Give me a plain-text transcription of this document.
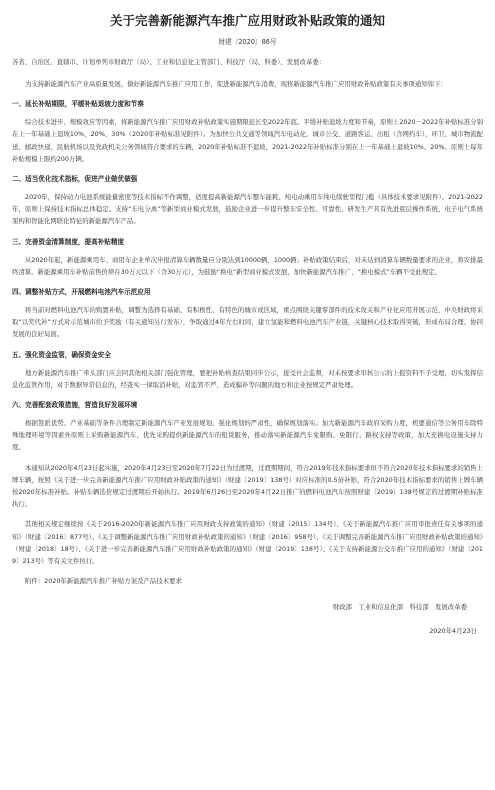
关于完善新能源汽车推广应用财政补贴政策的通知
财建〔2020〕86号
各省、自治区、直辖市、计划单列市财政厅（局）、工业和信息化主管部门、科技厅（局、科委）、发展改革委：
为支持新能源汽车产业高质量发展，做好新能源汽车推广应用工作，促进新能源汽车消费，现将新能源汽车推广应用财政补贴政策有关事项通知如下：
一、延长补贴期限，平缓补贴退坡力度和节奏
综合技术进步、规模效应等因素，将新能源汽车推广应用财政补贴政策实施期限延长至2022年底。平缓补贴退坡力度和节奏，原则上2020－2022年补贴标准分别在上一年基础上退坡10%、20%、30%（2020年补贴标准见附件）。为加快公共交通等领域汽车电动化，城市公交、道路客运、出租（含网约车）、环卫、城市物流配送、邮政快递、民航机场以及党政机关公务领域符合要求的车辆，2020年补贴标准不退坡，2021-2022年补贴标准分别在上一年基础上退坡10%、20%。原则上每年补贴规模上限约200万辆。
二、适当优化技术指标，促进产业做优做强
2020年，保持动力电池系统能量密度等技术指标不作调整，适度提高新能源汽车整车能耗、纯电动乘用车纯电续驶里程门槛（具体技术要求见附件）。2021-2022年，原则上保持技术指标总体稳定。支持“车电分离”等新型商业模式发展，鼓励企业进一步提升整车安全性、可靠性，研发生产具有先进底层操作系统、电子电气系统架构和智能化网联化特征的新能源汽车产品。
三、完善资金清算制度，提高补贴精度
从2020年起，新能源乘用车、商用车企业单次申报清算车辆数量应分别达到10000辆、1000辆；补贴政策结束后，对未达到清算车辆数量要求的企业，将安排最终清算。新能源乘用车补贴前售价须在30万元以下（含30万元），为鼓励“换电”新型商业模式发展，加快新能源汽车推广，“换电模式”车辆不受此规定。
四、调整补贴方式，开展燃料电池汽车示范应用
将当前对燃料电池汽车的购置补贴，调整为选择有基础、有积极性、有特色的城市或区域，重点围绕关键零部件的技术攻关和产业化应用开展示范，中央财政将采取“以奖代补”方式对示范城市给予奖励（有关通知另行发布），争取通过4年左右时间，建立氢能和燃料电池汽车产业链，关键核心技术取得突破，形成布局合理、协同发展的良好局面。
五、强化资金监管，确保资金安全
地方新能源汽车推广牵头部门应会同其他相关部门强化管理，要把补贴核查结果同步公示，接受社会监督，对未按要求审核公示的上报资料不予受理，切实发挥信息化监管作用，对于数据异常信息的，经查实一律取消补贴，对监管不严、造成骗补等问题的地方和企业按规定严肃处理。
六、完善配套政策措施，营造良好发展环境
根据签派优势、产业基础等条件合理制定新能源汽车产业发展规划，强化规划的严肃性，确保规划落实。加大新能源汽车政府采购力度，机要通信等公务用车除特殊地理环境等因素外原则上采购新能源汽车，优先采购提供新能源汽车的租赁服务，推动落实新能源汽车免限购、免限行、路权支持等政策，加大充换电设施支持力度。
本通知从2020年4月23日起实施，2020年4月23日至2020年7月22日为过渡期，过渡期期间，符合2019年技术指标要求但不符合2020年技术指标要求的销售上牌车辆，按照《关于进一步完善新能源汽车推广应用财政补贴政策的通知》（财建〔2019〕138号）对应标准的0.5倍补贴，符合2020年技术指标要求的销售上牌车辆按2020年标准补贴。补贴车辆选价规定过渡期后开始执行。2019年6月26日至2020年4月22日推广的燃料电池汽车按照财建〔2019〕138号规定的过渡期补贴标准执行。
其他相关规定继续按《关于2016-2020年新能源汽车推广应用财政支持政策的通知》（财建〔2015〕134号）、《关于新能源汽车推广应用审批责任有关事项的通知》（财建〔2016〕877号）、《关于调整新能源汽车推广应用财政补贴政策的通知》（财建〔2016〕958号）、《关于调整完善新能源汽车推广应用财政补贴政策的通知》（财建〔2018〕18号）、《关于进一步完善新能源汽车推广应用财政补贴政策的通知》（财建〔2019〕138号）、《关于支持新能源公交车推广应用的通知》（财建〔2019〕213号）等有关文件执行。
附件：2020年新能源汽车推广补贴方案及产品技术要求
财政部　工业和信息化部　科技部　发展改革委
2020年4月23日
